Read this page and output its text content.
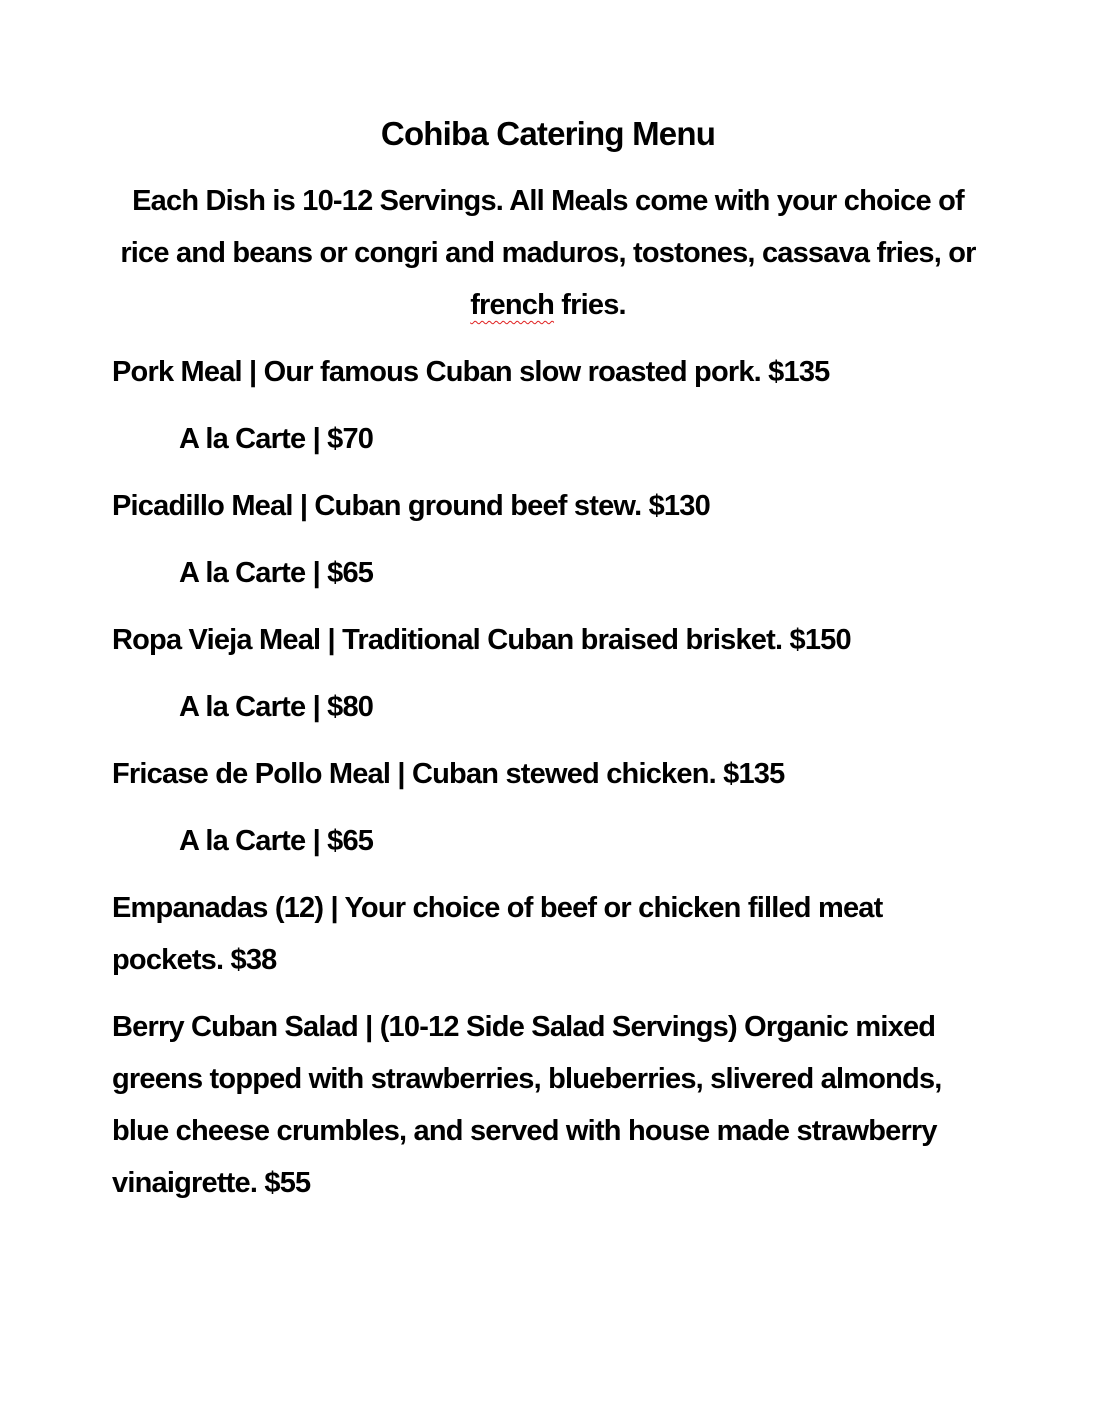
Cohiba Catering Menu
Each Dish is 10-12 Servings. All Meals come with your choice of rice and beans or congri and maduros, tostones, cassava fries, or french fries.
Pork Meal | Our famous Cuban slow roasted pork. $135
A la Carte | $70
Picadillo Meal | Cuban ground beef stew. $130
A la Carte | $65
Ropa Vieja Meal | Traditional Cuban braised brisket. $150
A la Carte | $80
Fricase de Pollo Meal | Cuban stewed chicken. $135
A la Carte | $65
Empanadas (12) | Your choice of beef or chicken filled meat pockets. $38
Berry Cuban Salad | (10-12 Side Salad Servings) Organic mixed greens topped with strawberries, blueberries, slivered almonds, blue cheese crumbles, and served with house made strawberry vinaigrette. $55
